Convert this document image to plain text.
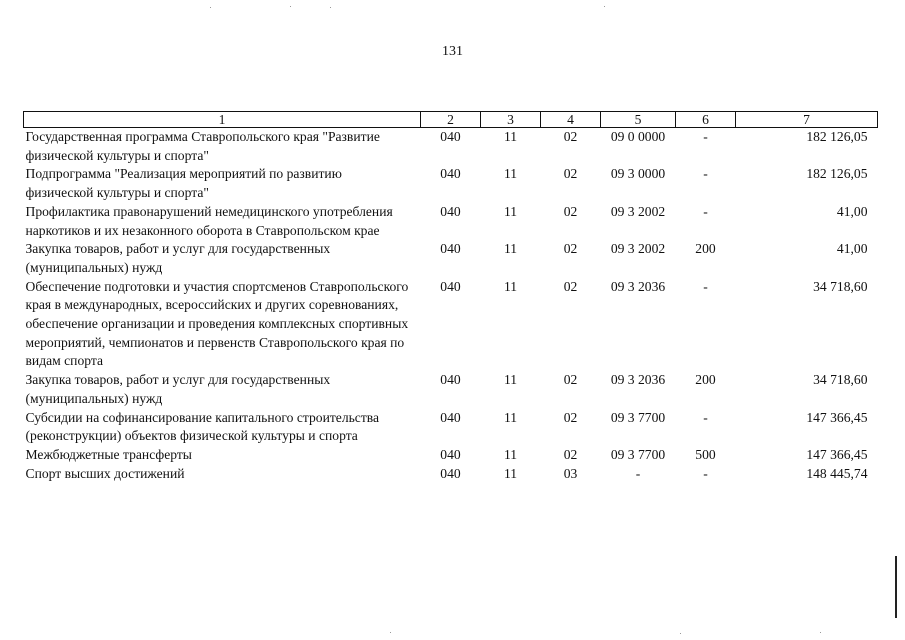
131
1	2	3	4	5	6	7
Государственная программа Ставропольского края "Развитие физической культуры и спорта"	040	11	02	09 0 0000	-	182 126,05
Подпрограмма "Реализация мероприятий по развитию физической культуры и спорта"	040	11	02	09 3 0000	-	182 126,05
Профилактика правонарушений немедицинского употребления наркотиков и их незаконного оборота в Ставропольском крае	040	11	02	09 3 2002	-	41,00
Закупка товаров, работ и услуг для государственных (муниципальных) нужд	040	11	02	09 3 2002	200	41,00
Обеспечение подготовки и участия спортсменов Ставропольского края в международных, всероссийских и других соревнованиях, обеспечение организации и проведения комплексных спортивных мероприятий, чемпионатов и первенств Ставропольского края по видам спорта	040	11	02	09 3 2036	-	34 718,60
Закупка товаров, работ и услуг для государственных (муниципальных) нужд	040	11	02	09 3 2036	200	34 718,60
Субсидии на софинансирование капитального строительства (реконструкции) объектов физической культуры и спорта	040	11	02	09 3 7700	-	147 366,45
Межбюджетные трансферты	040	11	02	09 3 7700	500	147 366,45
Спорт высших достижений	040	11	03	-	-	148 445,74
